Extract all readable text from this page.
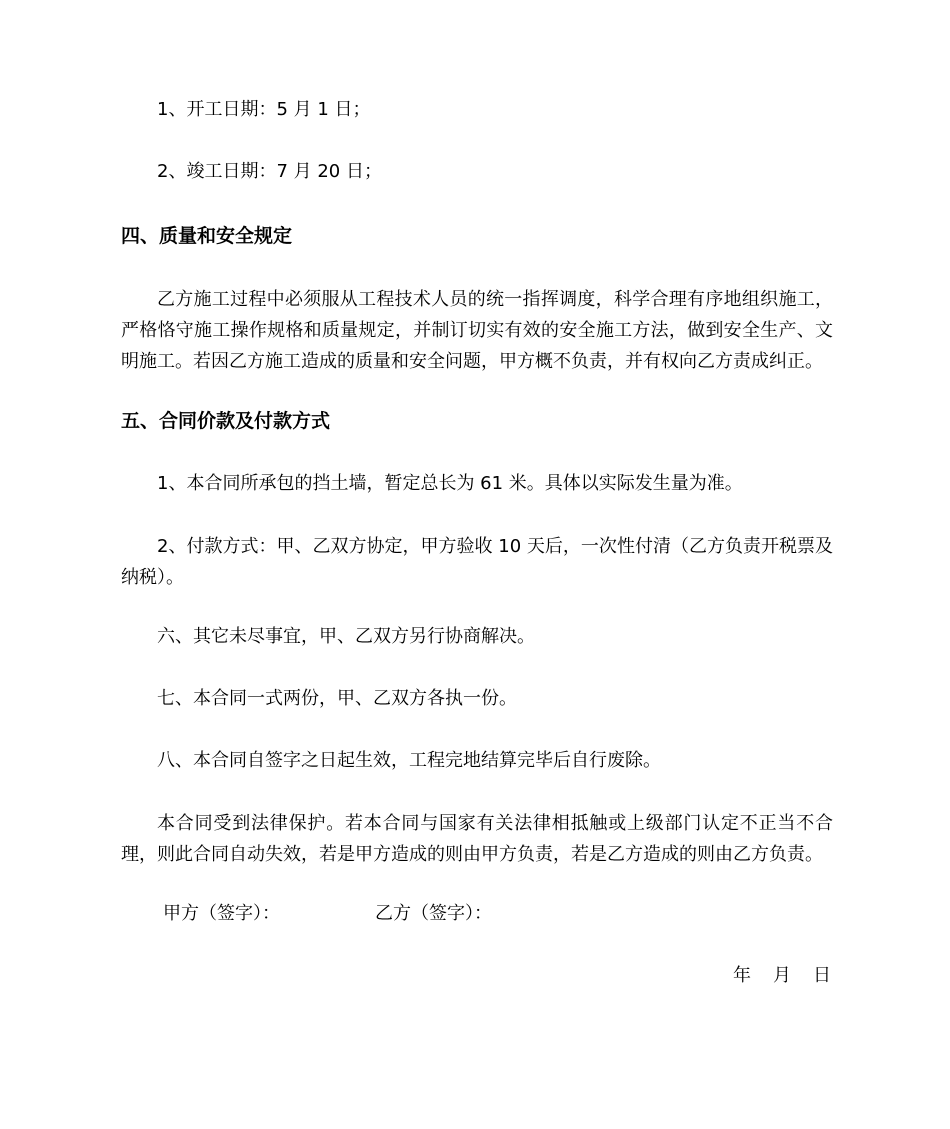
1、开工日期：5 月 1 日；
2、竣工日期：7 月 20 日；
四、质量和安全规定
乙方施工过程中必须服从工程技术人员的统一指挥调度，科学合理有序地组织施工，严格恪守施工操作规格和质量规定，并制订切实有效的安全施工方法，做到安全生产、文明施工。若因乙方施工造成的质量和安全问题，甲方概不负责，并有权向乙方责成纠正。
五、合同价款及付款方式
1、本合同所承包的挡土墙，暂定总长为 61 米。具体以实际发生量为准。
2、付款方式：甲、乙双方协定，甲方验收 10 天后，一次性付清（乙方负责开税票及纳税）。
六、其它未尽事宜，甲、乙双方另行协商解决。
七、本合同一式两份，甲、乙双方各执一份。
八、本合同自签字之日起生效，工程完地结算完毕后自行废除。
本合同受到法律保护。若本合同与国家有关法律相抵触或上级部门认定不正当不合理，则此合同自动失效，若是甲方造成的则由甲方负责，若是乙方造成的则由乙方负责。
甲方（签字）：	乙方（签字）：
年 月 日
